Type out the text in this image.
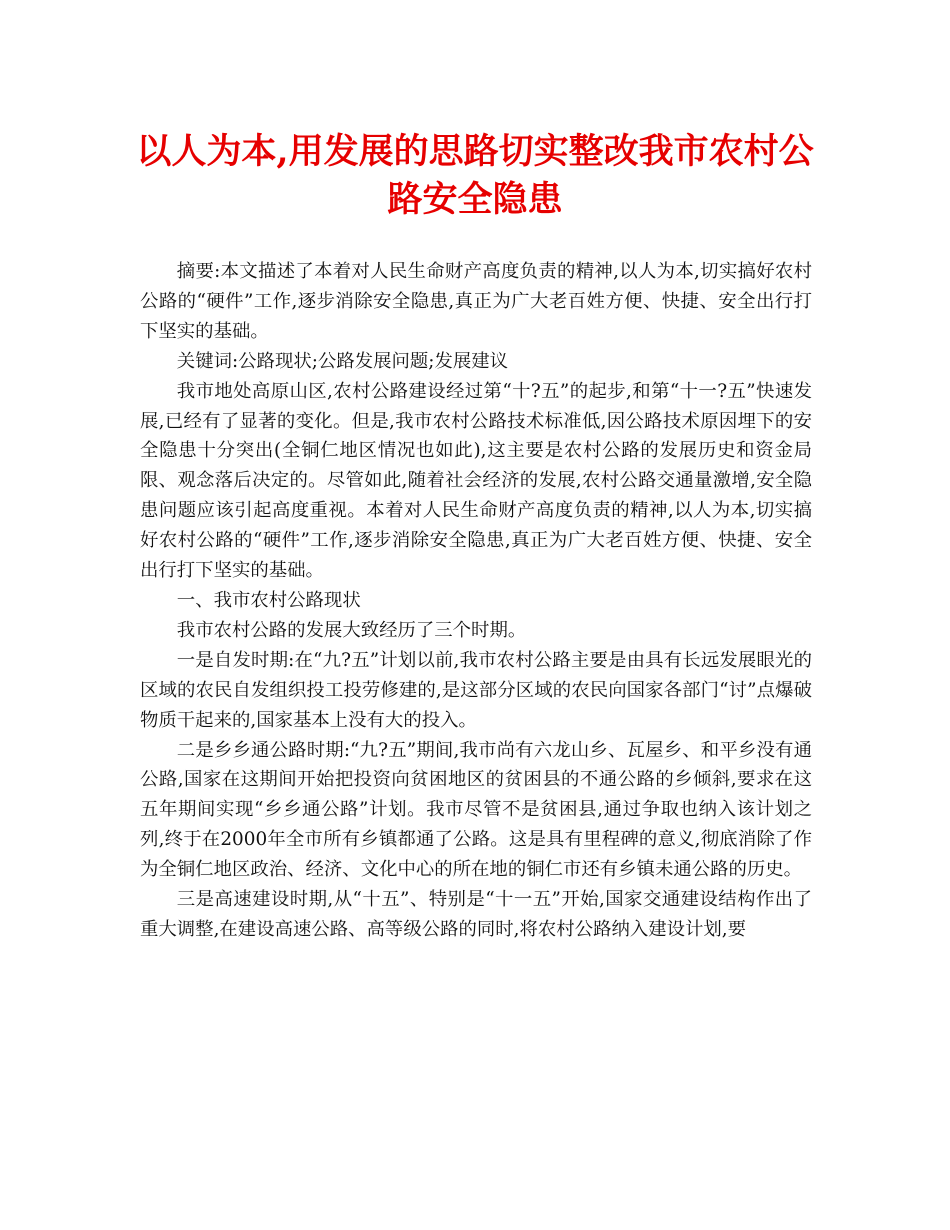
以人为本,用发展的思路切实整改我市农村公路安全隐患

摘要:本文描述了本着对人民生命财产高度负责的精神,以人为本,切实搞好农村公路的“硬件”工作,逐步消除安全隐患,真正为广大老百姓方便、快捷、安全出行打下坚实的基础。

关键词:公路现状;公路发展问题;发展建议

我市地处高原山区,农村公路建设经过第“十?五”的起步,和第“十一?五”快速发展,已经有了显著的变化。但是,我市农村公路技术标准低,因公路技术原因埋下的安全隐患十分突出(全铜仁地区情况也如此),这主要是农村公路的发展历史和资金局限、观念落后决定的。尽管如此,随着社会经济的发展,农村公路交通量激增,安全隐患问题应该引起高度重视。本着对人民生命财产高度负责的精神,以人为本,切实搞好农村公路的“硬件”工作,逐步消除安全隐患,真正为广大老百姓方便、快捷、安全出行打下坚实的基础。

一、我市农村公路现状

我市农村公路的发展大致经历了三个时期。

一是自发时期:在“九?五”计划以前,我市农村公路主要是由具有长远发展眼光的区域的农民自发组织投工投劳修建的,是这部分区域的农民向国家各部门“讨”点爆破物质干起来的,国家基本上没有大的投入。

二是乡乡通公路时期:“九?五”期间,我市尚有六龙山乡、瓦屋乡、和平乡没有通公路,国家在这期间开始把投资向贫困地区的贫困县的不通公路的乡倾斜,要求在这五年期间实现“乡乡通公路”计划。我市尽管不是贫困县,通过争取也纳入该计划之列,终于在2000年全市所有乡镇都通了公路。这是具有里程碑的意义,彻底消除了作为全铜仁地区政治、经济、文化中心的所在地的铜仁市还有乡镇未通公路的历史。

三是高速建设时期,从“十五”、特别是“十一五”开始,国家交通建设结构作出了重大调整,在建设高速公路、高等级公路的同时,将农村公路纳入建设计划,要
